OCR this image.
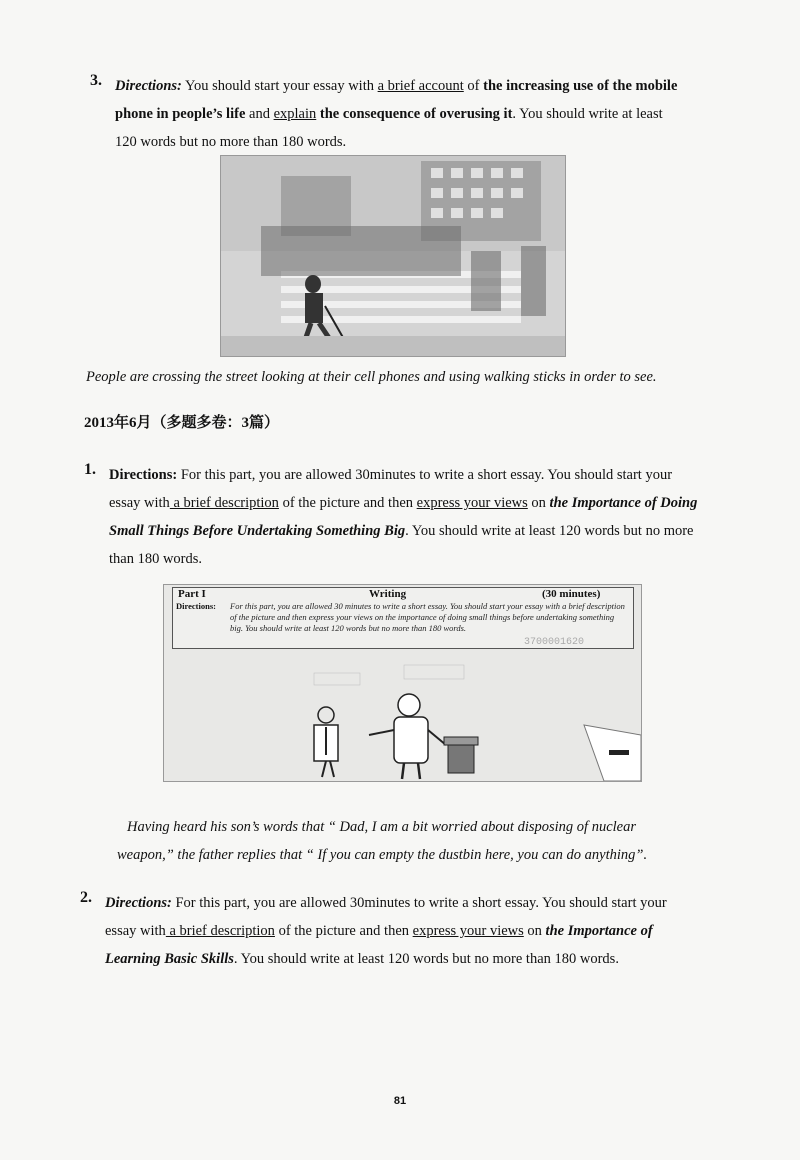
3. Directions: You should start your essay with a brief account of the increasing use of the mobile phone in people’s life and explain the consequence of overusing it. You should write at least 120 words but no more than 180 words.
People are crossing the street looking at their cell phones and using walking sticks in order to see.
2013年6月（多题多卷：3篇）
1. Directions: For this part, you are allowed 30minutes to write a short essay. You should start your essay with a brief description of the picture and then express your views on the Importance of Doing Small Things Before Undertaking Something Big. You should write at least 120 words but no more than 180 words.
Part I	Writing	(30 minutes)
Directions: For this part, you are allowed 30 minutes to write a short essay. You should start your essay with a brief description of the picture and then express your views on the importance of doing small things before undertaking something big. You should write at least 120 words but no more than 180 words.
3700001620
Having heard his son’s words that “ Dad, I am a bit worried about disposing of nuclear
weapon,” the father replies that “ If you can empty the dustbin here, you can do anything”.
2. Directions: For this part, you are allowed 30minutes to write a short essay. You should start your essay with a brief description of the picture and then express your views on the Importance of Learning Basic Skills. You should write at least 120 words but no more than 180 words.
81
